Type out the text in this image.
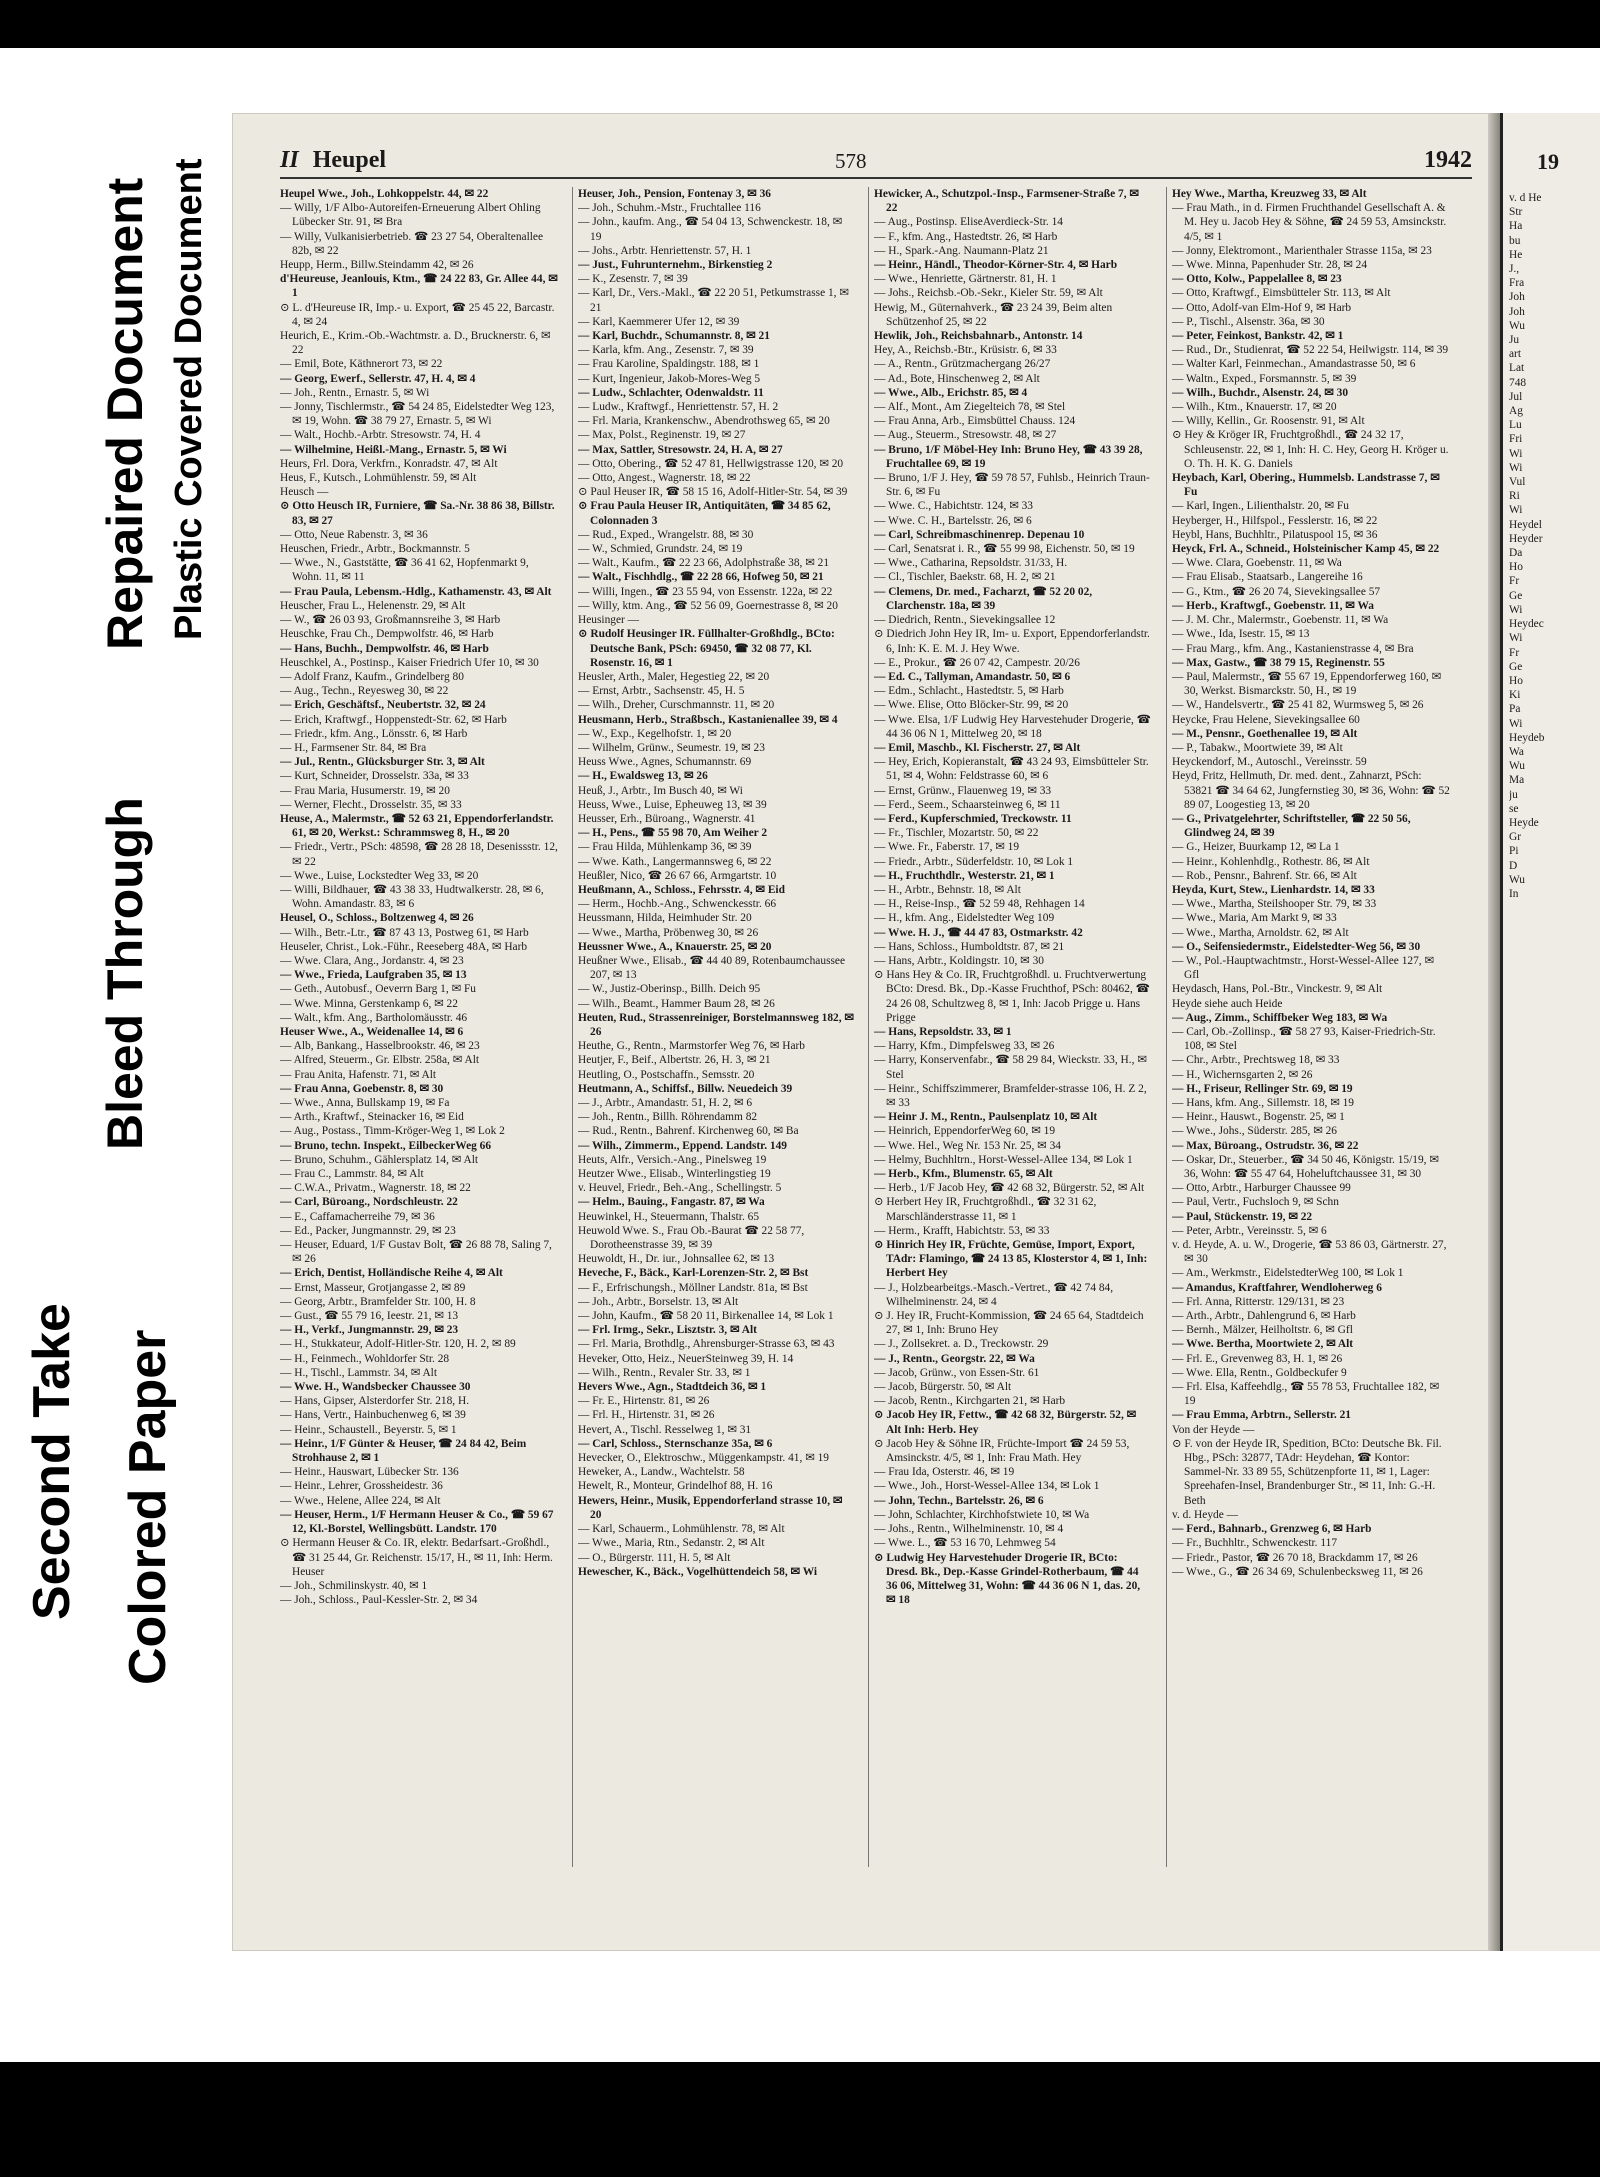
Repaired Document
Bleed Through
Plastic Covered Document
Second Take Colored Paper
II Heupel	578	1942

Heupel Wwe., Joh., Lohkoppelstr. 44, ✉ 22

— Willy, 1/F Albo-Autoreifen-Erneuerung Albert Ohling Lübecker Str. 91, ✉ Bra

— Willy, Vulkanisierbetrieb. ☎ 23 27 54, Oberaltenallee 82b, ✉ 22

Heupp, Herm., Billw.Steindamm 42, ✉ 26

d'Heureuse, Jeanlouis, Ktm., ☎ 24 22 83, Gr. Allee 44, ✉ 1

⊙ L. d'Heureuse IR, Imp.- u. Export, ☎ 25 45 22, Barcastr. 4, ✉ 24

Heurich, E., Krim.-Ob.-Wachtmstr. a. D., Brucknerstr. 6, ✉ 22

— Emil, Bote, Käthnerort 73, ✉ 22

— Georg, Ewerf., Sellerstr. 47, H. 4, ✉ 4

— Joh., Rentn., Ernastr. 5, ✉ Wi

— Jonny, Tischlermstr., ☎ 54 24 85, Eidelstedter Weg 123, ✉ 19, Wohn. ☎ 38 79 27, Ernastr. 5, ✉ Wi

— Walt., Hochb.-Arbtr. Stresowstr. 74, H. 4

— Wilhelmine, Heißl.-Mang., Ernastr. 5, ✉ Wi

Heurs, Frl. Dora, Verkfrn., Konradstr. 47, ✉ Alt

Heus, F., Kutsch., Lohmühlenstr. 59, ✉ Alt

Heusch —

⊙ Otto Heusch IR, Furniere, ☎ Sa.-Nr. 38 86 38, Billstr. 83, ✉ 27

— Otto, Neue Rabenstr. 3, ✉ 36

Heuschen, Friedr., Arbtr., Bockmannstr. 5

— Wwe., N., Gaststätte, ☎ 36 41 62, Hopfenmarkt 9, Wohn. 11, ✉ 11

— Frau Paula, Lebensm.-Hdlg., Kathamenstr. 43, ✉ Alt

Heuscher, Frau L., Helenenstr. 29, ✉ Alt

— W., ☎ 26 03 93, Großmannsreihe 3, ✉ Harb

Heuschke, Frau Ch., Dempwolfstr. 46, ✉ Harb

— Hans, Buchh., Dempwolfstr. 46, ✉ Harb

Heuschkel, A., Postinsp., Kaiser Friedrich Ufer 10, ✉ 30

— Adolf Franz, Kaufm., Grindelberg 80

— Aug., Techn., Reyesweg 30, ✉ 22

— Erich, Geschäftsf., Neubertstr. 32, ✉ 24

— Erich, Kraftwgf., Hoppenstedt-Str. 62, ✉ Harb

— Friedr., kfm. Ang., Lönsstr. 6, ✉ Harb

— H., Farmsener Str. 84, ✉ Bra

— Jul., Rentn., Glücksburger Str. 3, ✉ Alt

— Kurt, Schneider, Drosselstr. 33a, ✉ 33

— Frau Maria, Husumerstr. 19, ✉ 20

— Werner, Flecht., Drosselstr. 35, ✉ 33

Heuse, A., Malermstr., ☎ 52 63 21, Eppendorferlandstr. 61, ✉ 20, Werkst.: Schrammsweg 8, H., ✉ 20

— Friedr., Vertr., PSch: 48598, ☎ 28 28 18, Desenissstr. 12, ✉ 22

— Wwe., Luise, Lockstedter Weg 33, ✉ 20

— Willi, Bildhauer, ☎ 43 38 33, Hudtwalkerstr. 28, ✉ 6, Wohn. Amandastr. 83, ✉ 6

Heusel, O., Schloss., Boltzenweg 4, ✉ 26

— Wilh., Betr.-Ltr., ☎ 87 43 13, Postweg 61, ✉ Harb

Heuseler, Christ., Lok.-Führ., Reeseberg 48A, ✉ Harb

— Wwe. Clara, Ang., Jordanstr. 4, ✉ 23

— Wwe., Frieda, Laufgraben 35, ✉ 13

— Geth., Autobusf., Oeverrn Barg 1, ✉ Fu

— Wwe. Minna, Gerstenkamp 6, ✉ 22

— Walt., kfm. Ang., Bartholomäusstr. 46

Heuser Wwe., A., Weidenallee 14, ✉ 6

— Alb, Bankang., Hasselbrookstr. 46, ✉ 23

— Alfred, Steuerm., Gr. Elbstr. 258a, ✉ Alt

— Frau Anita, Hafenstr. 71, ✉ Alt

— Frau Anna, Goebenstr. 8, ✉ 30

— Wwe., Anna, Bullskamp 19, ✉ Fa

— Arth., Kraftwf., Steinacker 16, ✉ Eid

— Aug., Postass., Timm-Kröger-Weg 1, ✉ Lok 2

— Bruno, techn. Inspekt., EilbeckerWeg 66

— Bruno, Schuhm., Gählersplatz 14, ✉ Alt

— Frau C., Lammstr. 84, ✉ Alt

— C.W.A., Privatm., Wagnerstr. 18, ✉ 22

— Carl, Büroang., Nordschleustr. 22

— E., Caffamacherreihe 79, ✉ 36

— Ed., Packer, Jungmannstr. 29, ✉ 23

— Heuser, Eduard, 1/F Gustav Bolt, ☎ 26 88 78, Saling 7, ✉ 26

— Erich, Dentist, Holländische Reihe 4, ✉ Alt

— Ernst, Masseur, Grotjangasse 2, ✉ 89

— Georg, Arbtr., Bramfelder Str. 100, H. 8

— Gust., ☎ 55 79 16, Ieestr. 21, ✉ 13

— H., Verkf., Jungmannstr. 29, ✉ 23

— H., Stukkateur, Adolf-Hitler-Str. 120, H. 2, ✉ 89

— H., Feinmech., Wohldorfer Str. 28

— H., Tischl., Lammstr. 34, ✉ Alt

— Wwe. H., Wandsbecker Chaussee 30

— Hans, Gipser, Alsterdorfer Str. 218, H.

— Hans, Vertr., Hainbuchenweg 6, ✉ 39

— Heinr., Schaustell., Beyerstr. 5, ✉ 1

— Heinr., 1/F Günter & Heuser, ☎ 24 84 42, Beim Strohhause 2, ✉ 1

— Heinr., Hauswart, Lübecker Str. 136

— Heinr., Lehrer, Grossheidestr. 36

— Wwe., Helene, Allee 224, ✉ Alt

— Heuser, Herm., 1/F Hermann Heuser & Co., ☎ 59 67 12, Kl.-Borstel, Wellingsbütt. Landstr. 170

⊙ Hermann Heuser & Co. IR, elektr. Bedarfsart.-Großhdl., ☎ 31 25 44, Gr. Reichenstr. 15/17, H., ✉ 11, Inh: Herm. Heuser

— Joh., Schmilinskystr. 40, ✉ 1

— Joh., Schloss., Paul-Kessler-Str. 2, ✉ 34

Heuser, Joh., Pension, Fontenay 3, ✉ 36

— Joh., Schuhm.-Mstr., Fruchtallee 116

— John., kaufm. Ang., ☎ 54 04 13, Schwenckestr. 18, ✉ 19

— Johs., Arbtr. Henriettenstr. 57, H. 1

— Just., Fuhrunternehm., Birkenstieg 2

— K., Zesenstr. 7, ✉ 39

— Karl, Dr., Vers.-Makl., ☎ 22 20 51, Petkumstrasse 1, ✉ 21

— Karl, Kaemmerer Ufer 12, ✉ 39

— Karl, Buchdr., Schumannstr. 8, ✉ 21

— Karla, kfm. Ang., Zesenstr. 7, ✉ 39

— Frau Karoline, Spaldingstr. 188, ✉ 1

— Kurt, Ingenieur, Jakob-Mores-Weg 5

— Ludw., Schlachter, Odenwaldstr. 11

— Ludw., Kraftwgf., Henriettenstr. 57, H. 2

— Frl. Maria, Krankenschw., Abendrothsweg 65, ✉ 20

— Max, Polst., Reginenstr. 19, ✉ 27

— Max, Sattler, Stresowstr. 24, H. A, ✉ 27

— Otto, Obering., ☎ 52 47 81, Hellwigstrasse 120, ✉ 20

— Otto, Angest., Wagnerstr. 18, ✉ 22

⊙ Paul Heuser IR, ☎ 58 15 16, Adolf-Hitler-Str. 54, ✉ 39

⊙ Frau Paula Heuser IR, Antiquitäten, ☎ 34 85 62, Colonnaden 3

— Rud., Exped., Wrangelstr. 88, ✉ 30

— W., Schmied, Grundstr. 24, ✉ 19

— Walt., Kaufm., ☎ 22 23 66, Adolphstraße 38, ✉ 21

— Walt., Fischhdlg., ☎ 22 28 66, Hofweg 50, ✉ 21

— Willi, Ingen., ☎ 23 55 94, von Essenstr. 122a, ✉ 22

— Willy, ktm. Ang., ☎ 52 56 09, Goernestrasse 8, ✉ 20

Heusinger —

⊙ Rudolf Heusinger IR. Füllhalter-Großhdlg., BCto: Deutsche Bank, PSch: 69450, ☎ 32 08 77, Kl. Rosenstr. 16, ✉ 1

Heusler, Arth., Maler, Hegestieg 22, ✉ 20

— Ernst, Arbtr., Sachsenstr. 45, H. 5

— Wilh., Dreher, Curschmannstr. 11, ✉ 20

Heusmann, Herb., Straßbsch., Kastanienallee 39, ✉ 4

— W., Exp., Kegelhofstr. 1, ✉ 20

— Wilhelm, Grünw., Seumestr. 19, ✉ 23

Heuss Wwe., Agnes, Schumannstr. 69

— H., Ewaldsweg 13, ✉ 26

Heuß, J., Arbtr., Im Busch 40, ✉ Wi

Heuss, Wwe., Luise, Epheuweg 13, ✉ 39

Heusser, Erh., Büroang., Wagnerstr. 41

— H., Pens., ☎ 55 98 70, Am Weiher 2

— Frau Hilda, Mühlenkamp 36, ✉ 39

— Wwe. Kath., Langermannsweg 6, ✉ 22

Heußler, Nico, ☎ 26 67 66, Armgartstr. 10

Heußmann, A., Schloss., Fehrsstr. 4, ✉ Eid

— Herm., Hochb.-Ang., Schwenckesstr. 66

Heussmann, Hilda, Heimhuder Str. 20

— Wwe., Martha, Pröbenweg 30, ✉ 26

Heussner Wwe., A., Knauerstr. 25, ✉ 20

Heußner Wwe., Elisab., ☎ 44 40 89, Rotenbaumchaussee 207, ✉ 13

— W., Justiz-Oberinsp., Billh. Deich 95

— Wilh., Beamt., Hammer Baum 28, ✉ 26

Heuten, Rud., Strassenreiniger, Borstelmannsweg 182, ✉ 26

Heuthe, G., Rentn., Marmstorfer Weg 76, ✉ Harb

Heutjer, F., Beif., Albertstr. 26, H. 3, ✉ 21

Heutling, O., Postschaffn., Semsstr. 20

Heutmann, A., Schiffsf., Billw. Neuedeich 39

— J., Arbtr., Amandastr. 51, H. 2, ✉ 6

— Joh., Rentn., Billh. Röhrendamm 82

— Rud., Rentn., Bahrenf. Kirchenweg 60, ✉ Ba

— Wilh., Zimmerm., Eppend. Landstr. 149

Heuts, Alfr., Versich.-Ang., Pinelsweg 19

Heutzer Wwe., Elisab., Winterlingstieg 19

v. Heuvel, Friedr., Beh.-Ang., Schellingstr. 5

— Helm., Bauing., Fangastr. 87, ✉ Wa

Heuwinkel, H., Steuermann, Thalstr. 65

Heuwold Wwe. S., Frau Ob.-Baurat ☎ 22 58 77, Dorotheenstrasse 39, ✉ 39

Heuwoldt, H., Dr. iur., Johnsallee 62, ✉ 13

Heveche, F., Bäck., Karl-Lorenzen-Str. 2, ✉ Bst

— F., Erfrischungsh., Möllner Landstr. 81a, ✉ Bst

— Joh., Arbtr., Borselstr. 13, ✉ Alt

— John, Kaufm., ☎ 58 20 11, Birkenallee 14, ✉ Lok 1

— Frl. Irmg., Sekr., Lisztstr. 3, ✉ Alt

— Frl. Maria, Brothdlg., Ahrensburger-Strasse 63, ✉ 43

Heveker, Otto, Heiz., NeuerSteinweg 39, H. 14

— Wilh., Rentn., Revaler Str. 33, ✉ 1

Hevers Wwe., Agn., Stadtdeich 36, ✉ 1

— Fr. E., Hirtenstr. 81, ✉ 26

— Frl. H., Hirtenstr. 31, ✉ 26

Hevert, A., Tischl. Resselweg 1, ✉ 31

— Carl, Schloss., Sternschanze 35a, ✉ 6

Hevecker, O., Elektroschw., Müggenkampstr. 41, ✉ 19

Heweker, A., Landw., Wachtelstr. 58

Hewelt, R., Monteur, Grindelhof 88, H. 16

Hewers, Heinr., Musik, Eppendorferland strasse 10, ✉ 20

— Karl, Schauerm., Lohmühlenstr. 78, ✉ Alt

— Wwe., Maria, Rtn., Sedanstr. 2, ✉ Alt

— O., Bürgerstr. 111, H. 5, ✉ Alt

Hewescher, K., Bäck., Vogelhüttendeich 58, ✉ Wi

Hewicker, A., Schutzpol.-Insp., Farmsener-Straße 7, ✉ 22

— Aug., Postinsp. EliseAverdieck-Str. 14

— F., kfm. Ang., Hastedtstr. 26, ✉ Harb

— H., Spark.-Ang. Naumann-Platz 21

— Heinr., Händl., Theodor-Körner-Str. 4, ✉ Harb

— Wwe., Henriette, Gärtnerstr. 81, H. 1

— Johs., Reichsb.-Ob.-Sekr., Kieler Str. 59, ✉ Alt

Hewig, M., Güternahverk., ☎ 23 24 39, Beim alten Schützenhof 25, ✉ 22

Hewlik, Joh., Reichsbahnarb., Antonstr. 14

Hey, A., Reichsb.-Btr., Krüsistr. 6, ✉ 33

— A., Rentn., Grützmachergang 26/27

— Ad., Bote, Hinschenweg 2, ✉ Alt

— Wwe., Alb., Erichstr. 85, ✉ 4

— Alf., Mont., Am Ziegelteich 78, ✉ Stel

— Frau Anna, Arb., Eimsbüttel Chauss. 124

— Aug., Steuerm., Stresowstr. 48, ✉ 27

— Bruno, 1/F Möbel-Hey Inh: Bruno Hey, ☎ 43 39 28, Fruchtallee 69, ✉ 19

— Bruno, 1/F J. Hey, ☎ 59 78 57, Fuhlsb., Heinrich Traun-Str. 6, ✉ Fu

— Wwe. C., Habichtstr. 124, ✉ 33

— Wwe. C. H., Bartelsstr. 26, ✉ 6

— Carl, Schreibmaschinenrep. Depenau 10

— Carl, Senatsrat i. R., ☎ 55 99 98, Eichenstr. 50, ✉ 19

— Wwe., Catharina, Repsoldstr. 31/33, H.

— Cl., Tischler, Baekstr. 68, H. 2, ✉ 21

— Clemens, Dr. med., Facharzt, ☎ 52 20 02, Clarchenstr. 18a, ✉ 39

— Diedrich, Rentn., Sievekingsallee 12

⊙ Diedrich John Hey IR, Im- u. Export, Eppendorferlandstr. 6, Inh: K. E. M. J. Hey Wwe.

— E., Prokur., ☎ 26 07 42, Campestr. 20/26

— Ed. C., Tallyman, Amandastr. 50, ✉ 6

— Edm., Schlacht., Hastedtstr. 5, ✉ Harb

— Wwe. Elise, Otto Blöcker-Str. 99, ✉ 20

— Wwe. Elsa, 1/F Ludwig Hey Harvestehuder Drogerie, ☎ 44 36 06 N 1, Mittelweg 20, ✉ 18

— Emil, Maschb., Kl. Fischerstr. 27, ✉ Alt

— Hey, Erich, Kopieranstalt, ☎ 43 24 93, Eimsbütteler Str. 51, ✉ 4, Wohn: Feldstrasse 60, ✉ 6

— Ernst, Grünw., Flauenweg 19, ✉ 33

— Ferd., Seem., Schaarsteinweg 6, ✉ 11

— Ferd., Kupferschmied, Treckowstr. 11

— Fr., Tischler, Mozartstr. 50, ✉ 22

— Wwe. Fr., Faberstr. 17, ✉ 19

— Friedr., Arbtr., Süderfeldstr. 10, ✉ Lok 1

— H., Fruchthdlr., Westerstr. 21, ✉ 1

— H., Arbtr., Behnstr. 18, ✉ Alt

— H., Reise-Insp., ☎ 52 59 48, Rehhagen 14

— H., kfm. Ang., Eidelstedter Weg 109

— Wwe. H. J., ☎ 44 47 83, Ostmarkstr. 42

— Hans, Schloss., Humboldtstr. 87, ✉ 21

— Hans, Arbtr., Koldingstr. 10, ✉ 30

⊙ Hans Hey & Co. IR, Fruchtgroßhdl. u. Fruchtverwertung BCto: Dresd. Bk., Dp.-Kasse Fruchthof, PSch: 80462, ☎ 24 26 08, Schultzweg 8, ✉ 1, Inh: Jacob Prigge u. Hans Prigge

— Hans, Repsoldstr. 33, ✉ 1

— Harry, Kfm., Dimpfelsweg 33, ✉ 26

— Harry, Konservenfabr., ☎ 58 29 84, Wieckstr. 33, H., ✉ Stel

— Heinr., Schiffszimmerer, Bramfelder-strasse 106, H. Z 2, ✉ 33

— Heinr J. M., Rentn., Paulsenplatz 10, ✉ Alt

— Heinrich, EppendorferWeg 60, ✉ 19

— Wwe. Hel., Weg Nr. 153 Nr. 25, ✉ 34

— Helmy, Buchhltrn., Horst-Wessel-Allee 134, ✉ Lok 1

— Herb., Kfm., Blumenstr. 65, ✉ Alt

— Herb., 1/F Jacob Hey, ☎ 42 68 32, Bürgerstr. 52, ✉ Alt

⊙ Herbert Hey IR, Fruchtgroßhdl., ☎ 32 31 62, Marschländerstrasse 11, ✉ 1

— Herm., Krafft, Habichtstr. 53, ✉ 33

⊙ Hinrich Hey IR, Früchte, Gemüse, Import, Export, TAdr: Flamingo, ☎ 24 13 85, Klosterstor 4, ✉ 1, Inh: Herbert Hey

— J., Holzbearbeitgs.-Masch.-Vertret., ☎ 42 74 84, Wilhelminenstr. 24, ✉ 4

⊙ J. Hey IR, Frucht-Kommission, ☎ 24 65 64, Stadtdeich 27, ✉ 1, Inh: Bruno Hey

— J., Zollsekret. a. D., Treckowstr. 29

— J., Rentn., Georgstr. 22, ✉ Wa

— Jacob, Grünw., von Essen-Str. 61

— Jacob, Bürgerstr. 50, ✉ Alt

— Jacob, Rentn., Kirchgarten 21, ✉ Harb

⊙ Jacob Hey IR, Fettw., ☎ 42 68 32, Bürgerstr. 52, ✉ Alt Inh: Herb. Hey

⊙ Jacob Hey & Söhne IR, Früchte-Import ☎ 24 59 53, Amsinckstr. 4/5, ✉ 1, Inh: Frau Math. Hey

— Frau Ida, Osterstr. 46, ✉ 19

— Wwe., Joh., Horst-Wessel-Allee 134, ✉ Lok 1

— John, Techn., Bartelsstr. 26, ✉ 6

— John, Schlachter, Kirchhofstwiete 10, ✉ Wa

— Johs., Rentn., Wilhelminenstr. 10, ✉ 4

— Wwe. L., ☎ 53 16 70, Lehmweg 54

⊙ Ludwig Hey Harvestehuder Drogerie IR, BCto: Dresd. Bk., Dep.-Kasse Grindel-Rotherbaum, ☎ 44 36 06, Mittelweg 31, Wohn: ☎ 44 36 06 N 1, das. 20, ✉ 18

Hey Wwe., Martha, Kreuzweg 33, ✉ Alt

— Frau Math., in d. Firmen Fruchthandel Gesellschaft A. & M. Hey u. Jacob Hey & Söhne, ☎ 24 59 53, Amsinckstr. 4/5, ✉ 1

— Jonny, Elektromont., Marienthaler Strasse 115a, ✉ 23

— Wwe. Minna, Papenhuder Str. 28, ✉ 24

— Otto, Kolw., Pappelallee 8, ✉ 23

— Otto, Kraftwgf., Eimsbütteler Str. 113, ✉ Alt

— Otto, Adolf-van Elm-Hof 9, ✉ Harb

— P., Tischl., Alsenstr. 36a, ✉ 30

— Peter, Feinkost, Bankstr. 42, ✉ 1

— Rud., Dr., Studienrat, ☎ 52 22 54, Heilwigstr. 114, ✉ 39

— Walter Karl, Feinmechan., Amandastrasse 50, ✉ 6

— Waltn., Exped., Forsmannstr. 5, ✉ 39

— Wilh., Buchdr., Alsenstr. 24, ✉ 30

— Wilh., Ktm., Knauerstr. 17, ✉ 20

— Willy, Kellin., Gr. Roosenstr. 91, ✉ Alt

⊙ Hey & Kröger IR, Fruchtgroßhdl., ☎ 24 32 17, Schleusenstr. 22, ✉ 1, Inh: H. C. Hey, Georg H. Kröger u. O. Th. H. K. G. Daniels

Heybach, Karl, Obering., Hummelsb. Landstrasse 7, ✉ Fu

— Karl, Ingen., Lilienthalstr. 20, ✉ Fu

Heyberger, H., Hilfspol., Fesslerstr. 16, ✉ 22

Heybl, Hans, Buchhltr., Pilatuspool 15, ✉ 36

Heyck, Frl. A., Schneid., Holsteinischer Kamp 45, ✉ 22

— Wwe. Clara, Goebenstr. 11, ✉ Wa

— Frau Elisab., Staatsarb., Langereihe 16

— G., Ktm., ☎ 26 20 74, Sievekingsallee 57

— Herb., Kraftwgf., Goebenstr. 11, ✉ Wa

— J. M. Chr., Malermstr., Goebenstr. 11, ✉ Wa

— Wwe., Ida, Isestr. 15, ✉ 13

— Frau Marg., kfm. Ang., Kastanienstrasse 4, ✉ Bra

— Max, Gastw., ☎ 38 79 15, Reginenstr. 55

— Paul, Malermstr., ☎ 55 67 19, Eppendorferweg 160, ✉ 30, Werkst. Bismarckstr. 50, H., ✉ 19

— W., Handelsvertr., ☎ 25 41 82, Wurmsweg 5, ✉ 26

Heycke, Frau Helene, Sievekingsallee 60

— M., Pensnr., Goethenallee 19, ✉ Alt

— P., Tabakw., Moortwiete 39, ✉ Alt

Heyckendorf, M., Autoschl., Vereinsstr. 59

Heyd, Fritz, Hellmuth, Dr. med. dent., Zahnarzt, PSch: 53821 ☎ 34 64 62, Jungfernstieg 30, ✉ 36, Wohn: ☎ 52 89 07, Loogestieg 13, ✉ 20

— G., Privatgelehrter, Schriftsteller, ☎ 22 50 56, Glindweg 24, ✉ 39

— G., Heizer, Buurkamp 12, ✉ La 1

— Heinr., Kohlenhdlg., Rothestr. 86, ✉ Alt

— Rob., Pensnr., Bahrenf. Str. 66, ✉ Alt

Heyda, Kurt, Stew., Lienhardstr. 14, ✉ 33

— Wwe., Martha, Steilshooper Str. 79, ✉ 33

— Wwe., Maria, Am Markt 9, ✉ 33

— Wwe., Martha, Arnoldstr. 62, ✉ Alt

— O., Seifensiedermstr., Eidelstedter-Weg 56, ✉ 30

— W., Pol.-Hauptwachtmstr., Horst-Wessel-Allee 127, ✉ Gfl

Heydasch, Hans, Pol.-Btr., Vinckestr. 9, ✉ Alt

Heyde siehe auch Heide

— Aug., Zimm., Schiffbeker Weg 183, ✉ Wa

— Carl, Ob.-Zollinsp., ☎ 58 27 93, Kaiser-Friedrich-Str. 108, ✉ Stel

— Chr., Arbtr., Prechtsweg 18, ✉ 33

— H., Wichernsgarten 2, ✉ 26

— H., Friseur, Rellinger Str. 69, ✉ 19

— Hans, kfm. Ang., Sillemstr. 18, ✉ 19

— Heinr., Hauswt., Bogenstr. 25, ✉ 1

— Wwe., Johs., Süderstr. 285, ✉ 26

— Max, Büroang., Ostrudstr. 36, ✉ 22

— Oskar, Dr., Steuerber., ☎ 34 50 46, Königstr. 15/19, ✉ 36, Wohn: ☎ 55 47 64, Hoheluftchaussee 31, ✉ 30

— Otto, Arbtr., Harburger Chaussee 99

— Paul, Vertr., Fuchsloch 9, ✉ Schn

— Paul, Stückenstr. 19, ✉ 22

— Peter, Arbtr., Vereinsstr. 5, ✉ 6

v. d. Heyde, A. u. W., Drogerie, ☎ 53 86 03, Gärtnerstr. 27, ✉ 30

— Am., Werkmstr., EidelstedterWeg 100, ✉ Lok 1

— Amandus, Kraftfahrer, Wendloherweg 6

— Frl. Anna, Ritterstr. 129/131, ✉ 23

— Arth., Arbtr., Dahlengrund 6, ✉ Harb

— Bernh., Mälzer, Heilholtstr. 6, ✉ Gfl

— Wwe. Bertha, Moortwiete 2, ✉ Alt

— Frl. E., Grevenweg 83, H. 1, ✉ 26

— Wwe. Ella, Rentn., Goldbeckufer 9

— Frl. Elsa, Kaffeehdlg., ☎ 55 78 53, Fruchtallee 182, ✉ 19

— Frau Emma, Arbtrn., Sellerstr. 21

Von der Heyde —

⊙ F. von der Heyde IR, Spedition, BCto: Deutsche Bk. Fil. Hbg., PSch: 32877, TAdr: Heydehan, ☎ Kontor: Sammel-Nr. 33 89 55, Schützenpforte 11, ✉ 1, Lager: Spreehafen-Insel, Brandenburger Str., ✉ 11, Inh: G.-H. Beth

v. d. Heyde —

— Ferd., Bahnarb., Grenzweg 6, ✉ Harb

— Fr., Buchhltr., Schwenckestr. 117

— Friedr., Pastor, ☎ 26 70 18, Brackdamm 17, ✉ 26

— Wwe., G., ☎ 26 34 69, Schulenbecksweg 11, ✉ 26

19
v. d He
Str
Ha
bu
He
J.,
Fra
Joh
Joh
Wu
Ju
art
Lat
748
Jul
Ag
Lu
Fri
Wi
Wi
Vul
Ri
Wi
Heydel
Heyder
Da
Ho
Fr
Ge
Wi
Heydec
Wi
Fr
Ge
Ho
Ki
Pa
Wi
Heydeb
Wa
Wu
Ma
ju
se
Heyde
Gr
Pi
D
Wu
In
